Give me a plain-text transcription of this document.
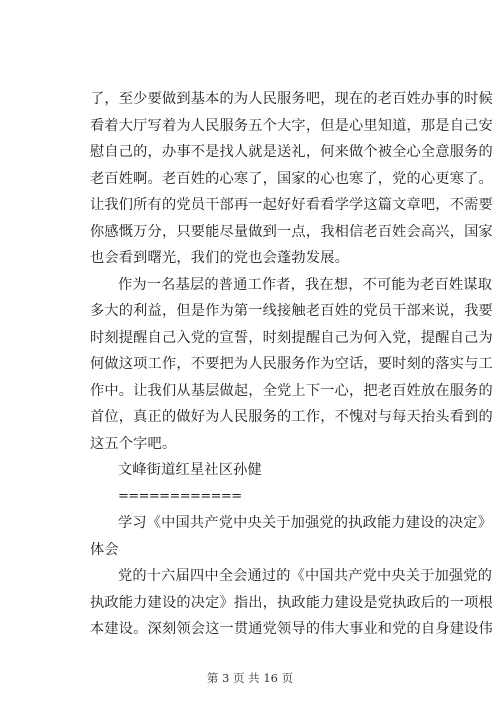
了，至少要做到基本的为人民服务吧，现在的老百姓办事的时候
看着大厅写着为人民服务五个大字，但是心里知道，那是自己安
慰自己的，办事不是找人就是送礼，何来做个被全心全意服务的
老百姓啊。老百姓的心寒了，国家的心也寒了，党的心更寒了。
让我们所有的党员干部再一起好好看看学学这篇文章吧，不需要
你感慨万分，只要能尽量做到一点，我相信老百姓会高兴，国家
也会看到曙光，我们的党也会蓬勃发展。
作为一名基层的普通工作者，我在想，不可能为老百姓谋取
多大的利益，但是作为第一线接触老百姓的党员干部来说，我要
时刻提醒自己入党的宣誓，时刻提醒自己为何入党，提醒自己为
何做这项工作，不要把为人民服务作为空话，要时刻的落实与工
作中。让我们从基层做起，全党上下一心，把老百姓放在服务的
首位，真正的做好为人民服务的工作，不愧对与每天抬头看到的
这五个字吧。
文峰街道红星社区孙健
============
学习《中国共产党中央关于加强党的执政能力建设的决定》
体会
党的十六届四中全会通过的《中国共产党中央关于加强党的
执政能力建设的决定》指出，执政能力建设是党执政后的一项根
本建设。深刻领会这一贯通党领导的伟大事业和党的自身建设伟
第 3 页 共 16 页
